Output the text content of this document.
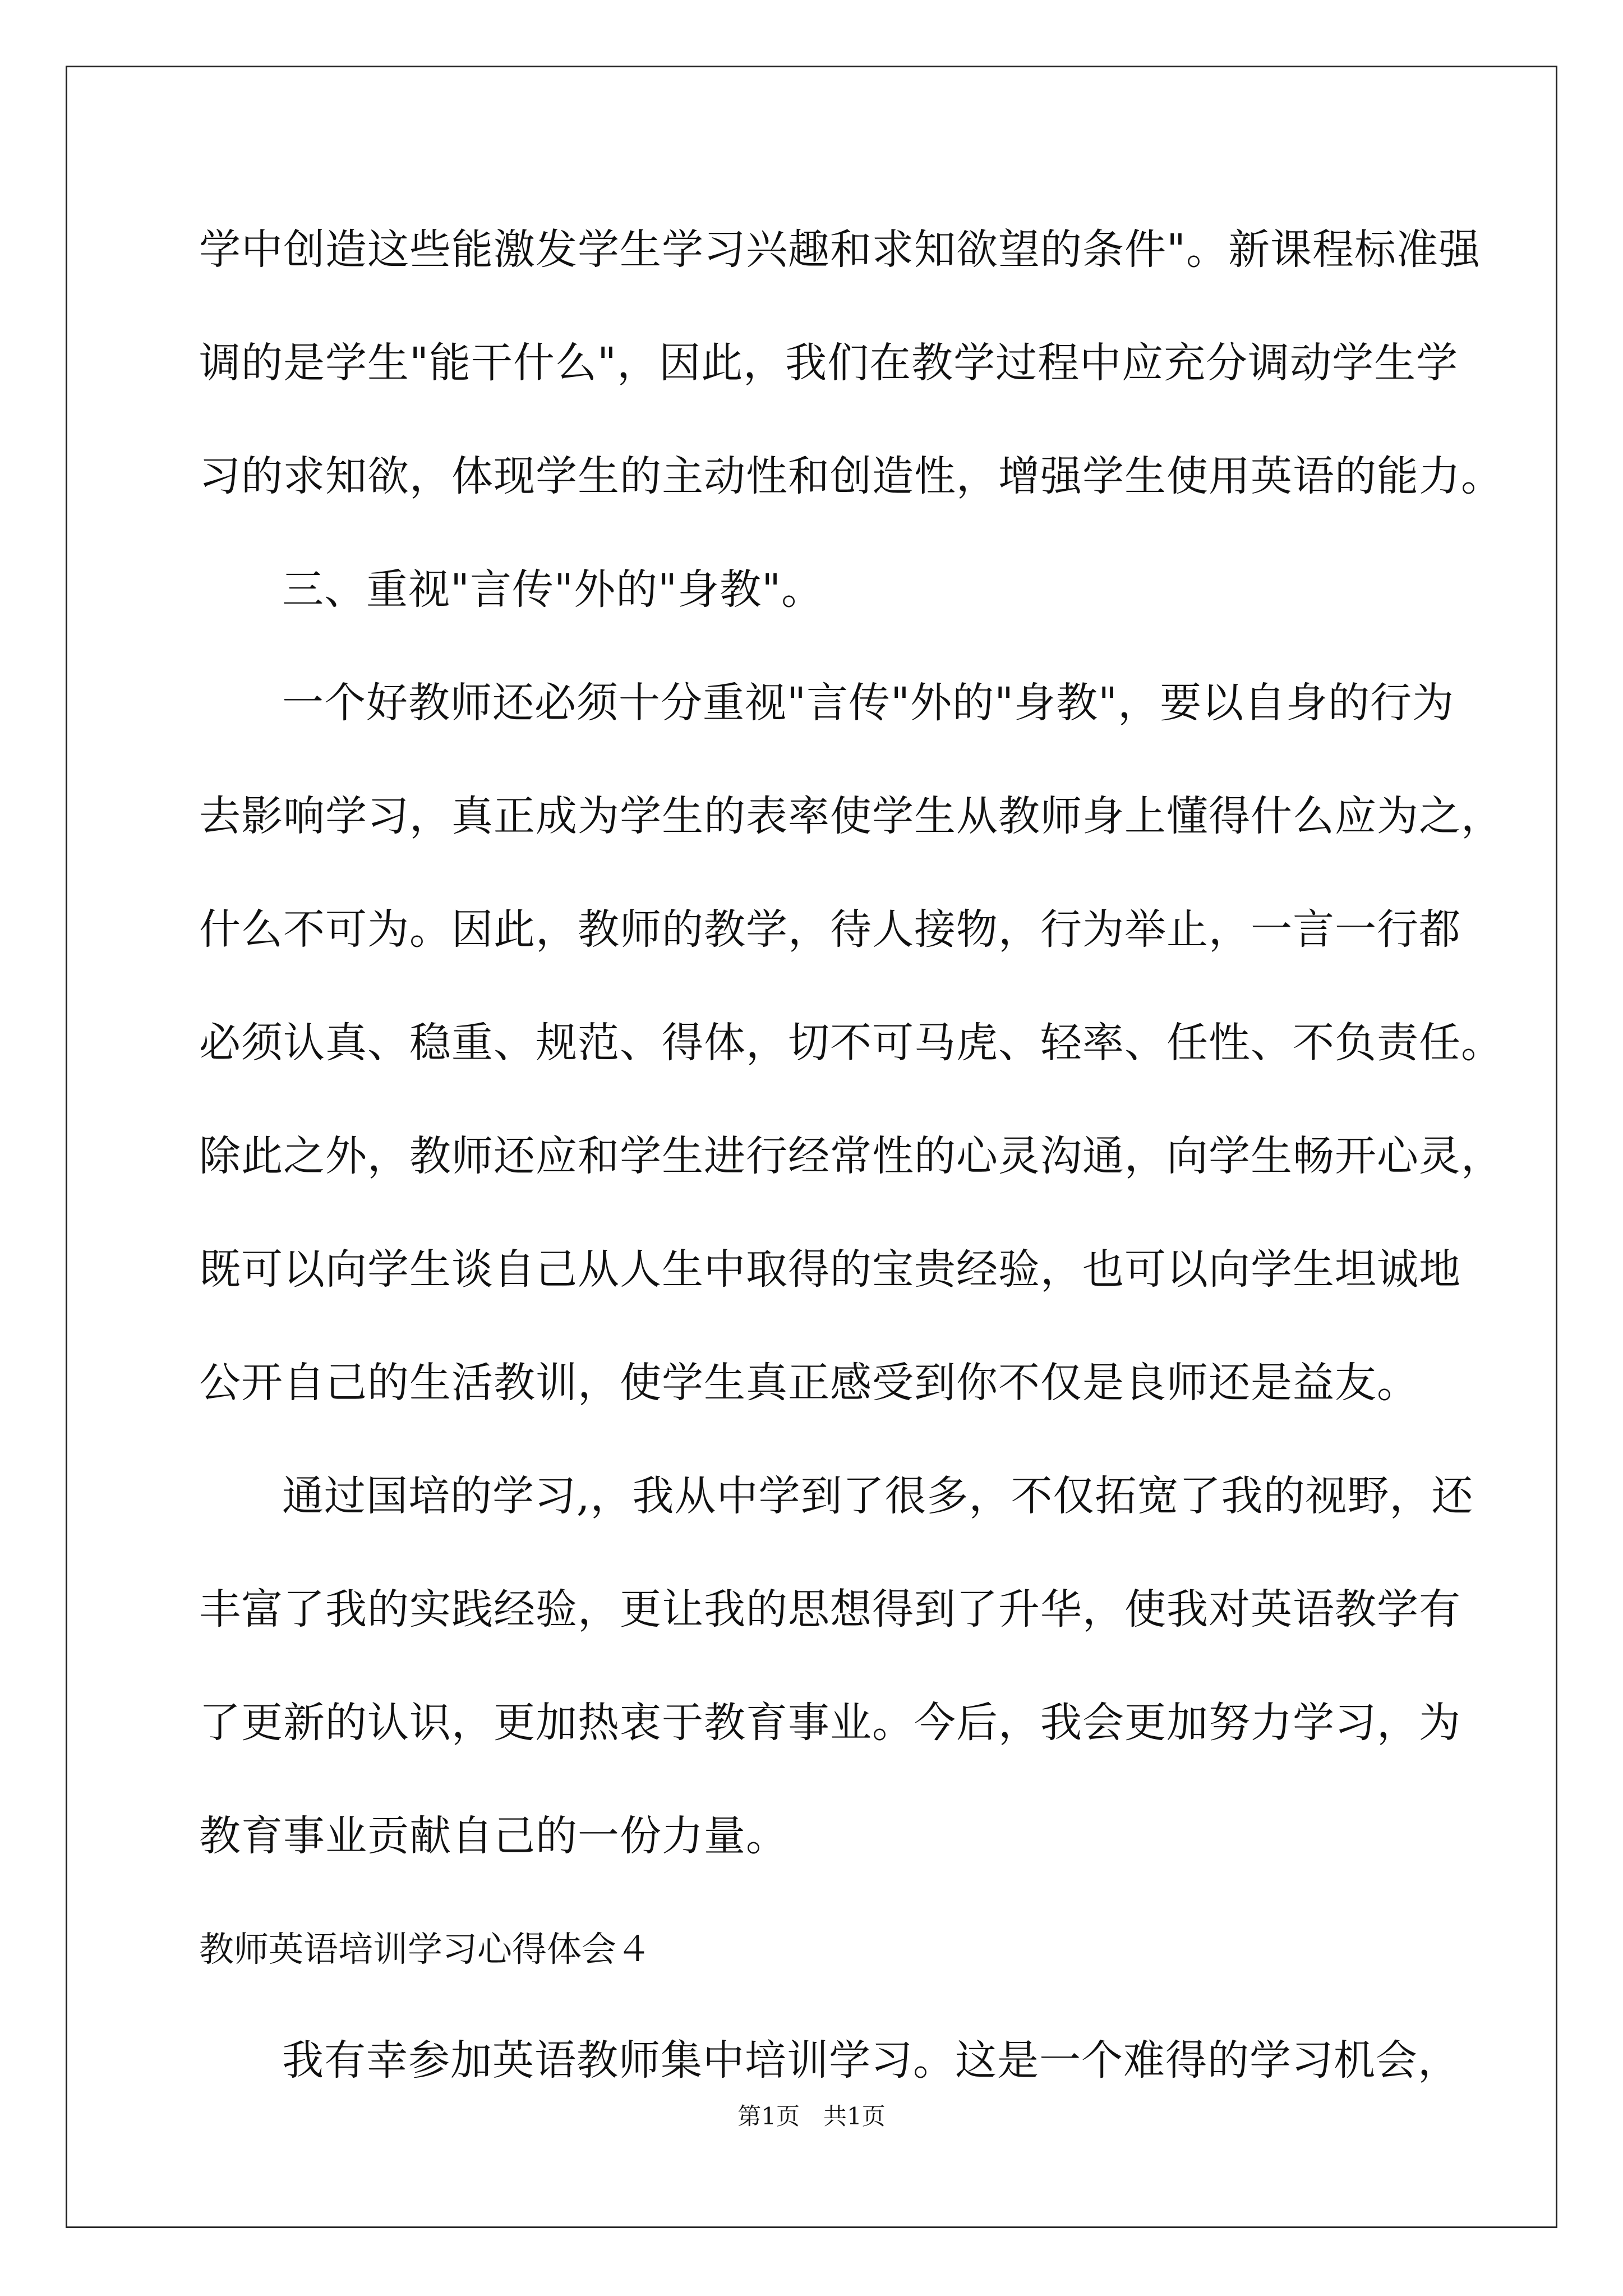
学中创造这些能激发学生学习兴趣和求知欲望的条件"。新课程标准强
调的是学生"能干什么"，因此，我们在教学过程中应充分调动学生学
习的求知欲，体现学生的主动性和创造性，增强学生使用英语的能力。
三、重视"言传"外的"身教"。
一个好教师还必须十分重视"言传"外的"身教"，要以自身的行为
去影响学习，真正成为学生的表率使学生从教师身上懂得什么应为之，
什么不可为。因此，教师的教学，待人接物，行为举止，一言一行都
必须认真、稳重、规范、得体，切不可马虎、轻率、任性、不负责任。
除此之外，教师还应和学生进行经常性的心灵沟通，向学生畅开心灵，
既可以向学生谈自己从人生中取得的宝贵经验，也可以向学生坦诚地
公开自己的生活教训，使学生真正感受到你不仅是良师还是益友。
通过国培的学习,，我从中学到了很多，不仅拓宽了我的视野，还
丰富了我的实践经验，更让我的思想得到了升华，使我对英语教学有
了更新的认识，更加热衷于教育事业。今后，我会更加努力学习，为
教育事业贡献自己的一份力量。
教师英语培训学习心得体会４
我有幸参加英语教师集中培训学习。这是一个难得的学习机会，
第1页　共1页
